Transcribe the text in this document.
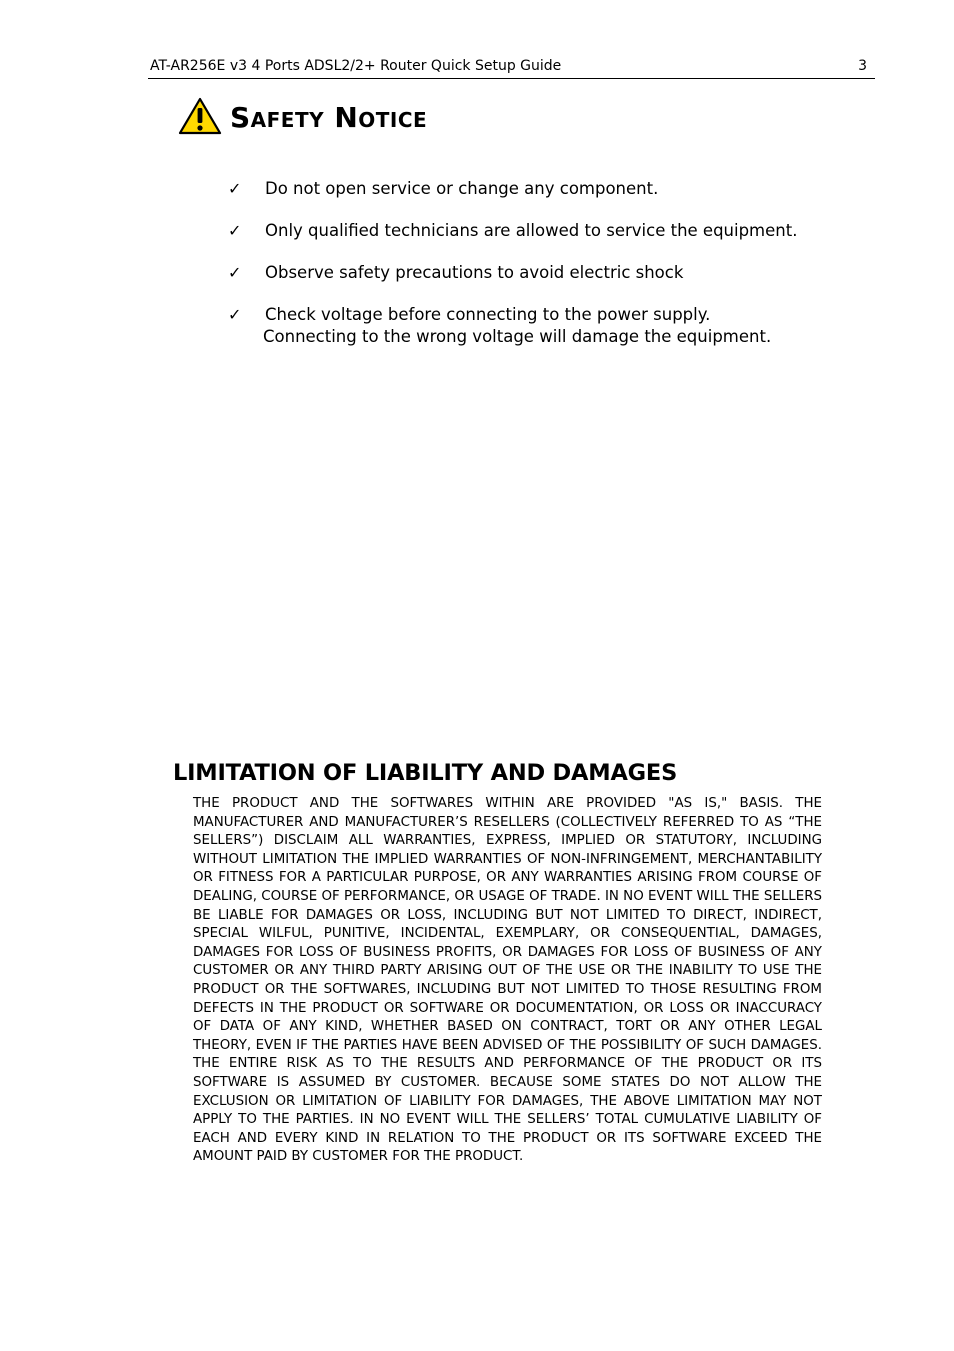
AT-AR256E v3 4 Ports ADSL2/2+ Router Quick Setup Guide	3
Safety Notice
✓ Do not open service or change any component.
✓ Only qualified technicians are allowed to service the equipment.
✓ Observe safety precautions to avoid electric shock
✓ Check voltage before connecting to the power supply.
Connecting to the wrong voltage will damage the equipment.
LIMITATION OF LIABILITY AND DAMAGES

THE PRODUCT AND THE SOFTWARES WITHIN ARE PROVIDED "AS IS," BASIS. THE MANUFACTURER AND MANUFACTURER’S RESELLERS (COLLECTIVELY REFERRED TO AS “THE SELLERS”) DISCLAIM ALL WARRANTIES, EXPRESS, IMPLIED OR STATUTORY, INCLUDING WITHOUT LIMITATION THE IMPLIED WARRANTIES OF NON-INFRINGEMENT, MERCHANTABILITY OR FITNESS FOR A PARTICULAR PURPOSE, OR ANY WARRANTIES ARISING FROM COURSE OF DEALING, COURSE OF PERFORMANCE, OR USAGE OF TRADE. IN NO EVENT WILL THE SELLERS BE LIABLE FOR DAMAGES OR LOSS, INCLUDING BUT NOT LIMITED TO DIRECT, INDIRECT, SPECIAL WILFUL, PUNITIVE, INCIDENTAL, EXEMPLARY, OR CONSEQUENTIAL, DAMAGES, DAMAGES FOR LOSS OF BUSINESS PROFITS, OR DAMAGES FOR LOSS OF BUSINESS OF ANY CUSTOMER OR ANY THIRD PARTY ARISING OUT OF THE USE OR THE INABILITY TO USE THE PRODUCT OR THE SOFTWARES, INCLUDING BUT NOT LIMITED TO THOSE RESULTING FROM DEFECTS IN THE PRODUCT OR SOFTWARE OR DOCUMENTATION, OR LOSS OR INACCURACY OF DATA OF ANY KIND, WHETHER BASED ON CONTRACT, TORT OR ANY OTHER LEGAL THEORY, EVEN IF THE PARTIES HAVE BEEN ADVISED OF THE POSSIBILITY OF SUCH DAMAGES. THE ENTIRE RISK AS TO THE RESULTS AND PERFORMANCE OF THE PRODUCT OR ITS SOFTWARE IS ASSUMED BY CUSTOMER. BECAUSE SOME STATES DO NOT ALLOW THE EXCLUSION OR LIMITATION OF LIABILITY FOR DAMAGES, THE ABOVE LIMITATION MAY NOT APPLY TO THE PARTIES. IN NO EVENT WILL THE SELLERS’ TOTAL CUMULATIVE LIABILITY OF EACH AND EVERY KIND IN RELATION TO THE PRODUCT OR ITS SOFTWARE EXCEED THE AMOUNT PAID BY CUSTOMER FOR THE PRODUCT.
